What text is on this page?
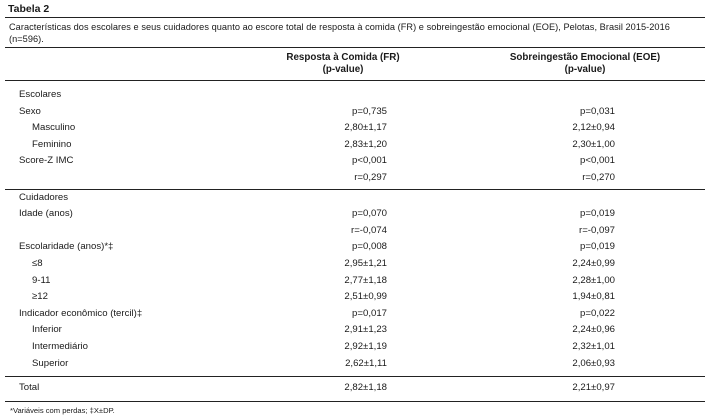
Tabela 2
Características dos escolares e seus cuidadores quanto ao escore total de resposta à comida (FR) e sobreingestão emocional (EOE), Pelotas, Brasil 2015-2016 (n=596).
Resposta à Comida (FR)
(p-value)
Sobreingestão Emocional (EOE)
(p-value)
Escolares
Sexo	p=0,735	p=0,031
Masculino	2,80±1,17	2,12±0,94
Feminino	2,83±1,20	2,30±1,00
Score-Z IMC	p<0,001	p<0,001
r=0,297	r=0,270
Cuidadores
Idade (anos)	p=0,070	p=0,019
r=-0,074	r=-0,097
Escolaridade (anos)*‡	p=0,008	p=0,019
≤8	2,95±1,21	2,24±0,99
9-11	2,77±1,18	2,28±1,00
≥12	2,51±0,99	1,94±0,81
Indicador econômico (tercil)‡	p=0,017	p=0,022
Inferior	2,91±1,23	2,24±0,96
Intermediário	2,92±1,19	2,32±1,01
Superior	2,62±1,11	2,06±0,93
Total	2,82±1,18	2,21±0,97
*Variáveis com perdas; ‡X±DP.
